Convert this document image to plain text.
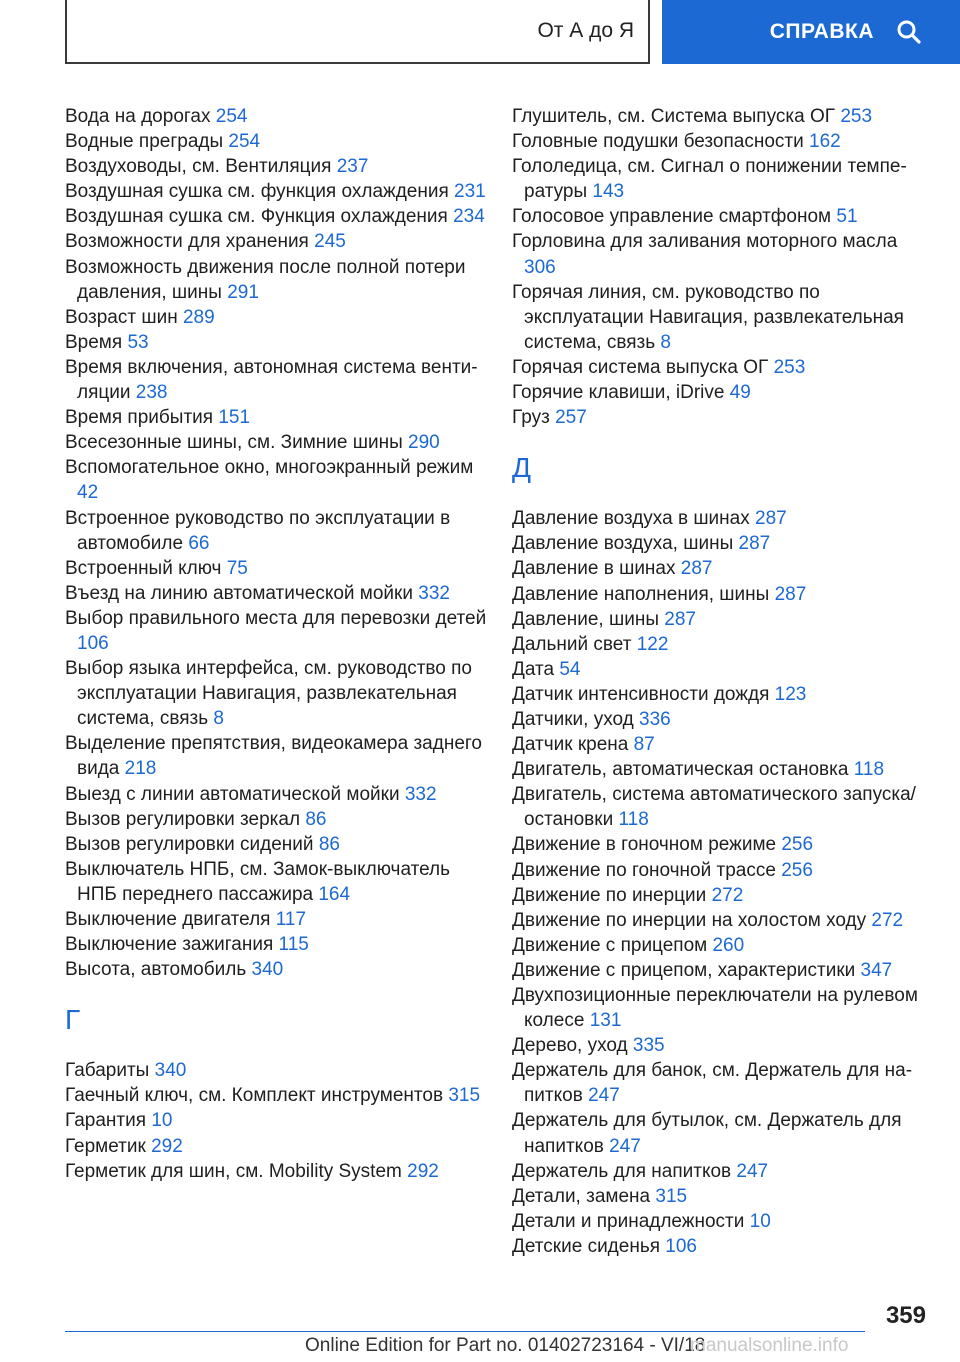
От А до Я	СПРАВКА
Вода на дорогах 254
Водные преграды 254
Воздуховоды, см. Вентиляция 237
Воздушная сушка см. функция охлаждения 231
Воздушная сушка см. Функция охлаждения 234
Возможности для хранения 245
Возможность движения после полной потери давления, шины 291
Возраст шин 289
Время 53
Время включения, автономная система вентиляции 238
Время прибытия 151
Всесезонные шины, см. Зимние шины 290
Вспомогательное окно, многоэкранный режим 42
Встроенное руководство по эксплуатации в автомобиле 66
Встроенный ключ 75
Въезд на линию автоматической мойки 332
Выбор правильного места для перевозки детей 106
Выбор языка интерфейса, см. руководство по эксплуатации Навигация, развлекательная система, связь 8
Выделение препятствия, видеокамера заднего вида 218
Выезд с линии автоматической мойки 332
Вызов регулировки зеркал 86
Вызов регулировки сидений 86
Выключатель НПБ, см. Замок-выключатель НПБ переднего пассажира 164
Выключение двигателя 117
Выключение зажигания 115
Высота, автомобиль 340
Г
Габариты 340
Гаечный ключ, см. Комплект инструментов 315
Гарантия 10
Герметик 292
Герметик для шин, см. Mobility System 292
Глушитель, см. Система выпуска ОГ 253
Головные подушки безопасности 162
Гололедица, см. Сигнал о понижении температуры 143
Голосовое управление смартфоном 51
Горловина для заливания моторного масла 306
Горячая линия, см. руководство по эксплуатации Навигация, развлекательная система, связь 8
Горячая система выпуска ОГ 253
Горячие клавиши, iDrive 49
Груз 257
Д
Давление воздуха в шинах 287
Давление воздуха, шины 287
Давление в шинах 287
Давление наполнения, шины 287
Давление, шины 287
Дальний свет 122
Дата 54
Датчик интенсивности дождя 123
Датчики, уход 336
Датчик крена 87
Двигатель, автоматическая остановка 118
Двигатель, система автоматического запуска/остановки 118
Движение в гоночном режиме 256
Движение по гоночной трассе 256
Движение по инерции 272
Движение по инерции на холостом ходу 272
Движение с прицепом 260
Движение с прицепом, характеристики 347
Двухпозиционные переключатели на рулевом колесе 131
Дерево, уход 335
Держатель для банок, см. Держатель для напитков 247
Держатель для бутылок, см. Держатель для напитков 247
Держатель для напитков 247
Детали, замена 315
Детали и принадлежности 10
Детские сиденья 106
359
Online Edition for Part no. 01402723164 - VI/18
manualsonline.info
